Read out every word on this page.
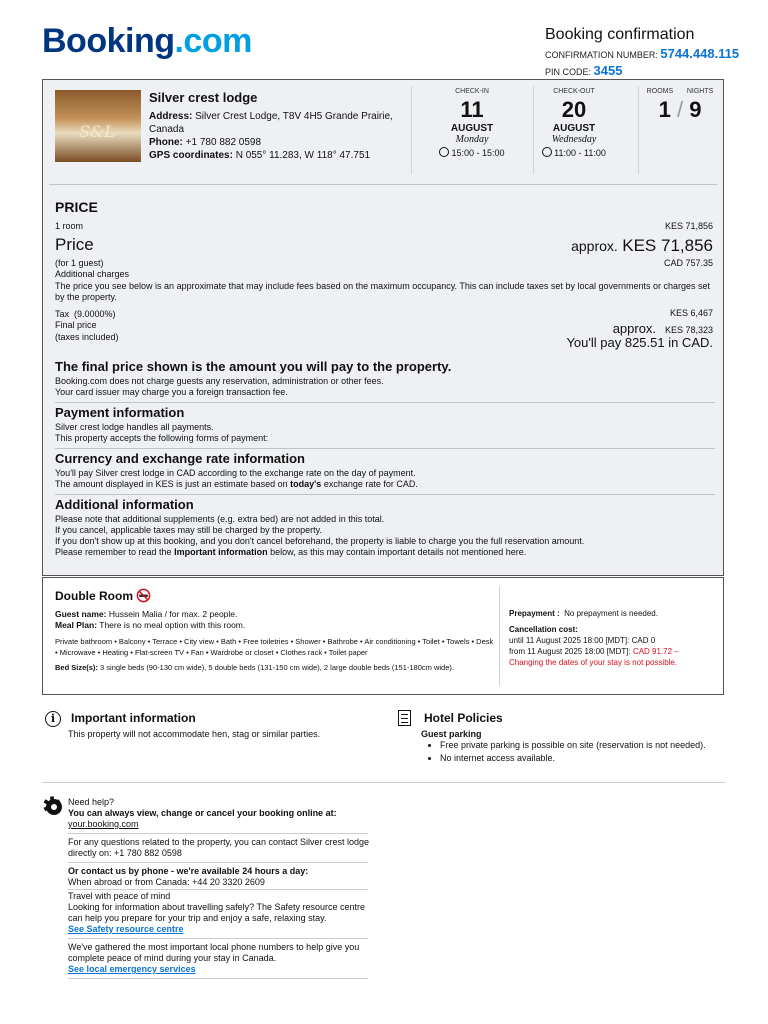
Booking.com	Booking confirmation
CONFIRMATION NUMBER: 5744.448.115
PIN CODE: 3455
S&L
Silver crest lodge
Address: Silver Crest Lodge, T8V 4H5 Grande Prairie, Canada
Phone: +1 780 882 0598
GPS coordinates: N 055° 11.283, W 118° 47.751
CHECK-IN
11
AUGUST
Monday
15:00 - 15:00
CHECK-OUT
20
AUGUST
Wednesday
11:00 - 11:00
ROOMS NIGHTS
1 / 9
PRICE
1 room	KES 71,856
Price	approx. KES 71,856
(for 1 guest)	CAD 757.35
Additional charges
The price you see below is an approximate that may include fees based on the maximum occupancy. This can include taxes set by local governments or charges set by the property.
Tax (9.0000%)	KES 6,467
Final price	approx. KES 78,323
(taxes included)	You'll pay 825.51 in CAD.
The final price shown is the amount you will pay to the property.
Booking.com does not charge guests any reservation, administration or other fees.
Your card issuer may charge you a foreign transaction fee.
Payment information
Silver crest lodge handles all payments.
This property accepts the following forms of payment:
Currency and exchange rate information
You'll pay Silver crest lodge in CAD according to the exchange rate on the day of payment.
The amount displayed in KES is just an estimate based on today's exchange rate for CAD.
Additional information
Please note that additional supplements (e.g. extra bed) are not added in this total.
If you cancel, applicable taxes may still be charged by the property.
If you don't show up at this booking, and you don't cancel beforehand, the property is liable to charge you the full reservation amount.
Please remember to read the Important information below, as this may contain important details not mentioned here.
Double Room
Guest name: Hussein Malia / for max. 2 people.
Meal Plan: There is no meal option with this room.
Private bathroom • Balcony • Terrace • City view • Bath • Free toiletries • Shower • Bathrobe • Air conditioning • Toilet • Towels • Desk • Microwave • Heating • Flat-screen TV • Fan • Wardrobe or closet • Clothes rack • Toilet paper
Bed Size(s): 3 single beds (90-130 cm wide), 5 double beds (131-150 cm wide), 2 large double beds (151-180cm wide).
Prepayment : No prepayment is needed.
Cancellation cost:
until 11 August 2025 18:00 [MDT]: CAD 0
from 11 August 2025 18:00 [MDT]: CAD 91.72 –
Changing the dates of your stay is not possible.
i	Important information
This property will not accommodate hen, stag or similar parties.
Hotel Policies
Guest parking
• Free private parking is possible on site (reservation is not needed).
• No internet access available.
✱
Need help?
You can always view, change or cancel your booking online at:
your.booking.com
For any questions related to the property, you can contact Silver crest lodge directly on: +1 780 882 0598
Or contact us by phone - we're available 24 hours a day:
When abroad or from Canada: +44 20 3320 2609
Travel with peace of mind
Looking for information about travelling safely? The Safety resource centre can help you prepare for your trip and enjoy a safe, relaxing stay.
See Safety resource centre
We've gathered the most important local phone numbers to help give you complete peace of mind during your stay in Canada.
See local emergency services
